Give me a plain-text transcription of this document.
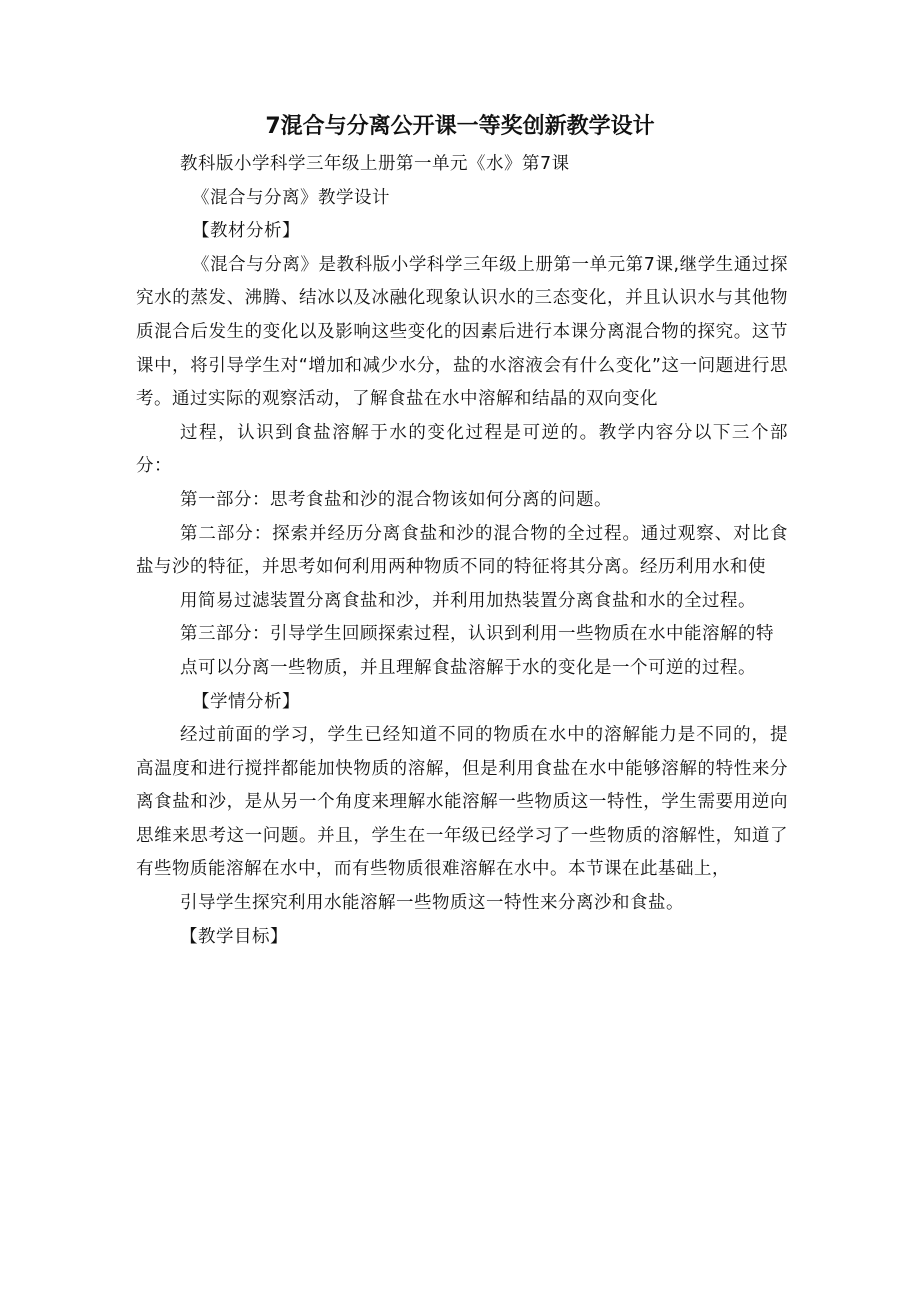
7混合与分离公开课一等奖创新教学设计

教科版小学科学三年级上册第一单元《水》第7课

《混合与分离》教学设计

【教材分析】

《混合与分离》是教科版小学科学三年级上册第一单元第7课,继学生通过探究水的蒸发、沸腾、结冰以及冰融化现象认识水的三态变化，并且认识水与其他物质混合后发生的变化以及影响这些变化的因素后进行本课分离混合物的探究。这节课中，将引导学生对“增加和减少水分，盐的水溶液会有什么变化”这一问题进行思考。通过实际的观察活动，了解食盐在水中溶解和结晶的双向变化

过程，认识到食盐溶解于水的变化过程是可逆的。教学内容分以下三个部分：

第一部分：思考食盐和沙的混合物该如何分离的问题。

第二部分：探索并经历分离食盐和沙的混合物的全过程。通过观察、对比食盐与沙的特征，并思考如何利用两种物质不同的特征将其分离。经历利用水和使

用简易过滤装置分离食盐和沙，并利用加热装置分离食盐和水的全过程。

第三部分：引导学生回顾探索过程，认识到利用一些物质在水中能溶解的特

点可以分离一些物质，并且理解食盐溶解于水的变化是一个可逆的过程。

【学情分析】

经过前面的学习，学生已经知道不同的物质在水中的溶解能力是不同的，提高温度和进行搅拌都能加快物质的溶解，但是利用食盐在水中能够溶解的特性来分离食盐和沙，是从另一个角度来理解水能溶解一些物质这一特性，学生需要用逆向思维来思考这一问题。并且，学生在一年级已经学习了一些物质的溶解性，知道了有些物质能溶解在水中，而有些物质很难溶解在水中。本节课在此基础上，

引导学生探究利用水能溶解一些物质这一特性来分离沙和食盐。

【教学目标】
